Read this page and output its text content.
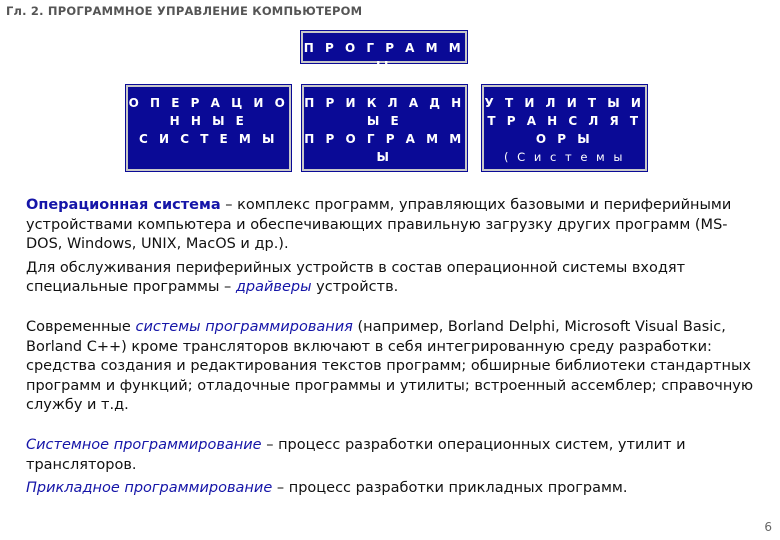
Гл. 2. ПРОГРАММНОЕ УПРАВЛЕНИЕ КОМПЬЮТЕРОМ
П Р О Г Р А М М Ы
О П Е Р А Ц И О Н Н Ы Е
С И С Т Е М Ы
П Р И К Л А Д Н Ы Е
П Р О Г Р А М М Ы
У Т И Л И Т Ы И
Т Р А Н С Л Я Т О Р Ы
( С и с т е м ы
п р о г р а м м и р о в а н и я )

Операционная система – комплекс программ, управляющих базовыми и периферийными устройствами компьютера и обеспечивающих правильную загрузку других программ (MS-DOS, Windows, UNIX, MacOS и др.).

Для обслуживания периферийных устройств в состав операционной системы входят специальные программы – драйверы устройств.

Современные системы программирования (например, Borland Delphi, Microsoft Visual Basic, Borland C++) кроме трансляторов включают в себя интегрированную среду разработки: средства создания и редактирования текстов программ; обширные библиотеки стандартных программ и функций; отладочные программы и утилиты; встроенный ассемблер; справочную службу и т.д.

Системное программирование – процесс разработки операционных систем, утилит и трансляторов.

Прикладное программирование – процесс разработки прикладных программ.

6
